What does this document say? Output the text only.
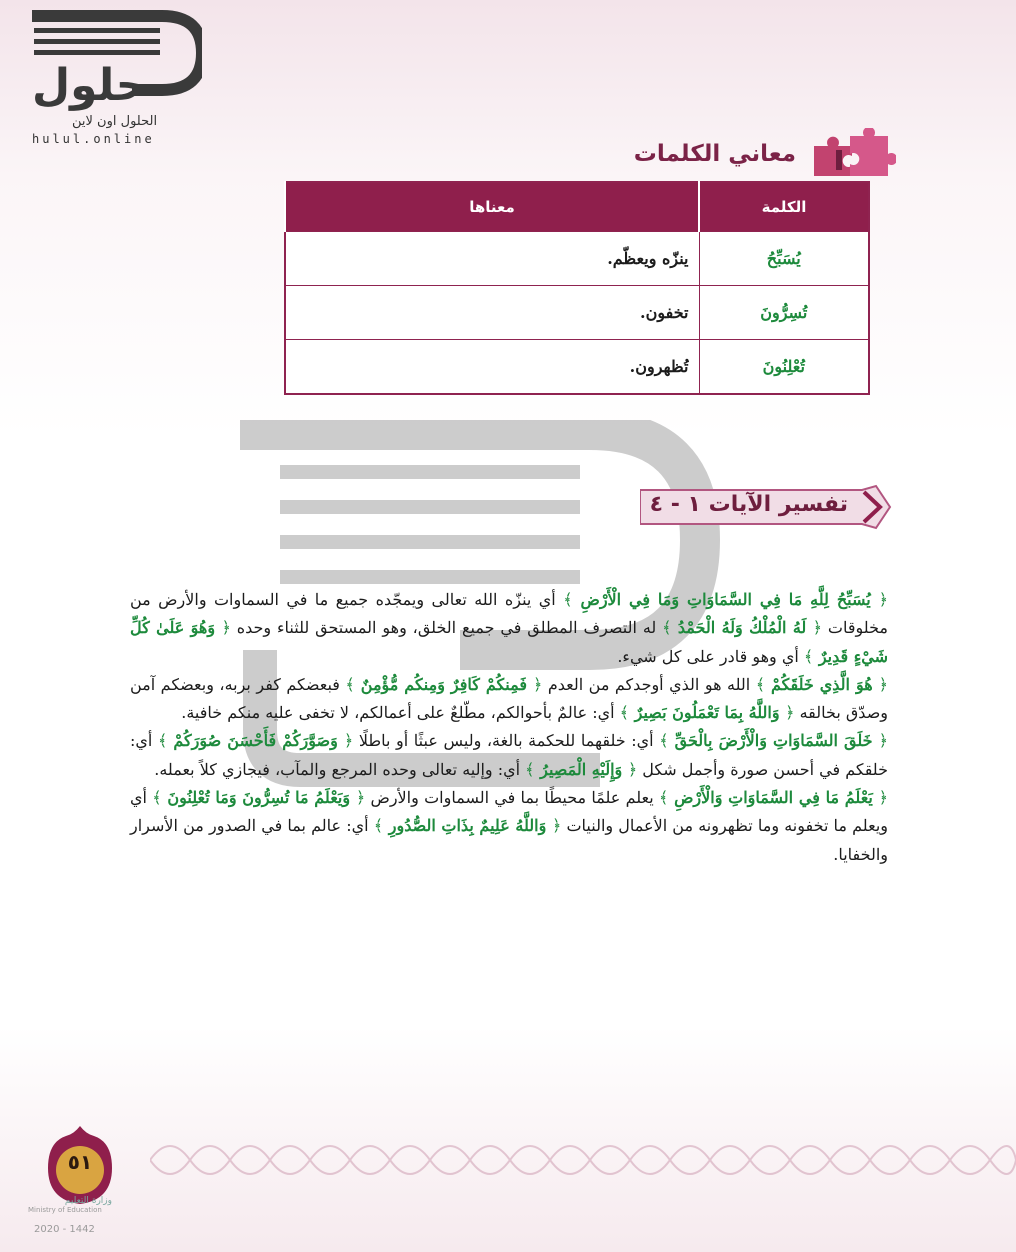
حلول
الحلول اون لاين
hulul.online
معاني الكلمات
الكلمة	معناها
يُسَبِّحُ	ينزّه ويعظّم.
تُسِرُّونَ	تخفون.
تُعْلِنُونَ	تُظهرون.
تفسير الآيات ١ - ٤

﴿ يُسَبِّحُ لِلَّهِ مَا فِي السَّمَاوَاتِ وَمَا فِي الْأَرْضِ ﴾ أي ينزّه الله تعالى ويمجّده جميع ما في السماوات والأرض من مخلوقات ﴿ لَهُ الْمُلْكُ وَلَهُ الْحَمْدُ ﴾ له التصرف المطلق في جميع الخلق، وهو المستحق للثناء وحده ﴿ وَهُوَ عَلَىٰ كُلِّ شَيْءٍ قَدِيرٌ ﴾ أي وهو قادر على كل شيء.

﴿ هُوَ الَّذِي خَلَقَكُمْ ﴾ الله هو الذي أوجدكم من العدم ﴿ فَمِنكُمْ كَافِرٌ وَمِنكُم مُّؤْمِنٌ ﴾ فبعضكم كفر بربه، وبعضكم آمن وصدّق بخالقه ﴿ وَاللَّهُ بِمَا تَعْمَلُونَ بَصِيرٌ ﴾ أي: عالمٌ بأحوالكم، مطّلعٌ على أعمالكم، لا تخفى عليه منكم خافية.

﴿ خَلَقَ السَّمَاوَاتِ وَالْأَرْضَ بِالْحَقِّ ﴾ أي: خلقهما للحكمة بالغة، وليس عبثًا أو باطلًا ﴿ وَصَوَّرَكُمْ فَأَحْسَنَ صُوَرَكُمْ ﴾ أي: خلقكم في أحسن صورة وأجمل شكل ﴿ وَإِلَيْهِ الْمَصِيرُ ﴾ أي: وإليه تعالى وحده المرجع والمآب، فيجازي كلاً بعمله.

﴿ يَعْلَمُ مَا فِي السَّمَاوَاتِ وَالْأَرْضِ ﴾ يعلم علمًا محيطًا بما في السماوات والأرض ﴿ وَيَعْلَمُ مَا تُسِرُّونَ وَمَا تُعْلِنُونَ ﴾ أي ويعلم ما تخفونه وما تظهرونه من الأعمال والنيات ﴿ وَاللَّهُ عَلِيمٌ بِذَاتِ الصُّدُورِ ﴾ أي: عالم بما في الصدور من الأسرار والخفايا.

٥١
وزارة التعليم
Ministry of Education
2020 - 1442
